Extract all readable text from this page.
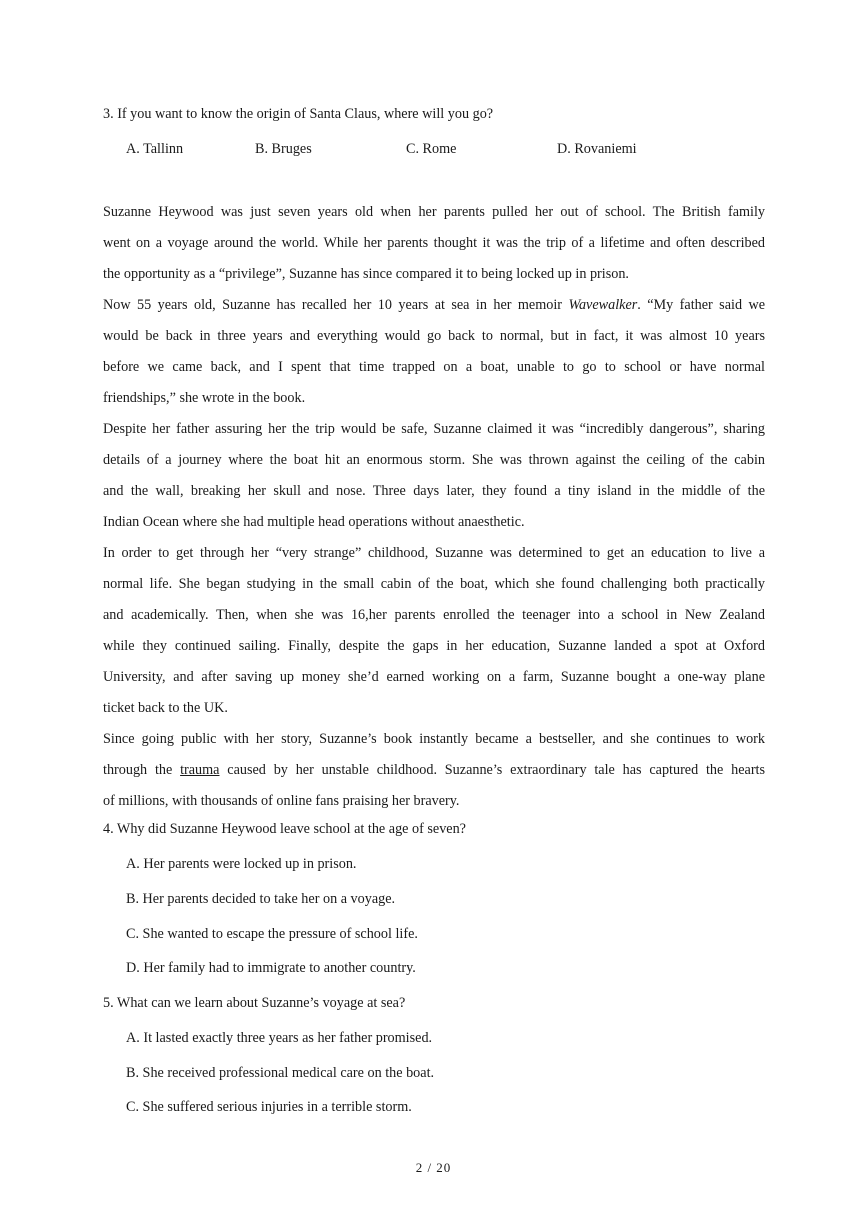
3. If you want to know the origin of Santa Claus, where will you go?
A. Tallinn	B. Bruges	C. Rome	D. Rovaniemi

Suzanne Heywood was just seven years old when her parents pulled her out of school. The British family

went on a voyage around the world. While her parents thought it was the trip of a lifetime and often described

the opportunity as a “privilege”, Suzanne has since compared it to being locked up in prison.

Now 55 years old, Suzanne has recalled her 10 years at sea in her memoir Wavewalker. “My father said we

would be back in three years and everything would go back to normal, but in fact, it was almost 10 years

before we came back, and I spent that time trapped on a boat, unable to go to school or have normal

friendships,” she wrote in the book.

Despite her father assuring her the trip would be safe, Suzanne claimed it was “incredibly dangerous”, sharing

details of a journey where the boat hit an enormous storm. She was thrown against the ceiling of the cabin

and the wall, breaking her skull and nose. Three days later, they found a tiny island in the middle of the

Indian Ocean where she had multiple head operations without anaesthetic.

In order to get through her “very strange” childhood, Suzanne was determined to get an education to live a

normal life. She began studying in the small cabin of the boat, which she found challenging both practically

and academically. Then, when she was 16,her parents enrolled the teenager into a school in New Zealand

while they continued sailing. Finally, despite the gaps in her education, Suzanne landed a spot at Oxford

University, and after saving up money she’d earned working on a farm, Suzanne bought a one-way plane

ticket back to the UK.

Since going public with her story, Suzanne’s book instantly became a bestseller, and she continues to work

through the trauma caused by her unstable childhood. Suzanne’s extraordinary tale has captured the hearts

of millions, with thousands of online fans praising her bravery.

4. Why did Suzanne Heywood leave school at the age of seven?
A. Her parents were locked up in prison.
B. Her parents decided to take her on a voyage.
C. She wanted to escape the pressure of school life.
D. Her family had to immigrate to another country.
5. What can we learn about Suzanne’s voyage at sea?
A. It lasted exactly three years as her father promised.
B. She received professional medical care on the boat.
C. She suffered serious injuries in a terrible storm.
2 / 20
